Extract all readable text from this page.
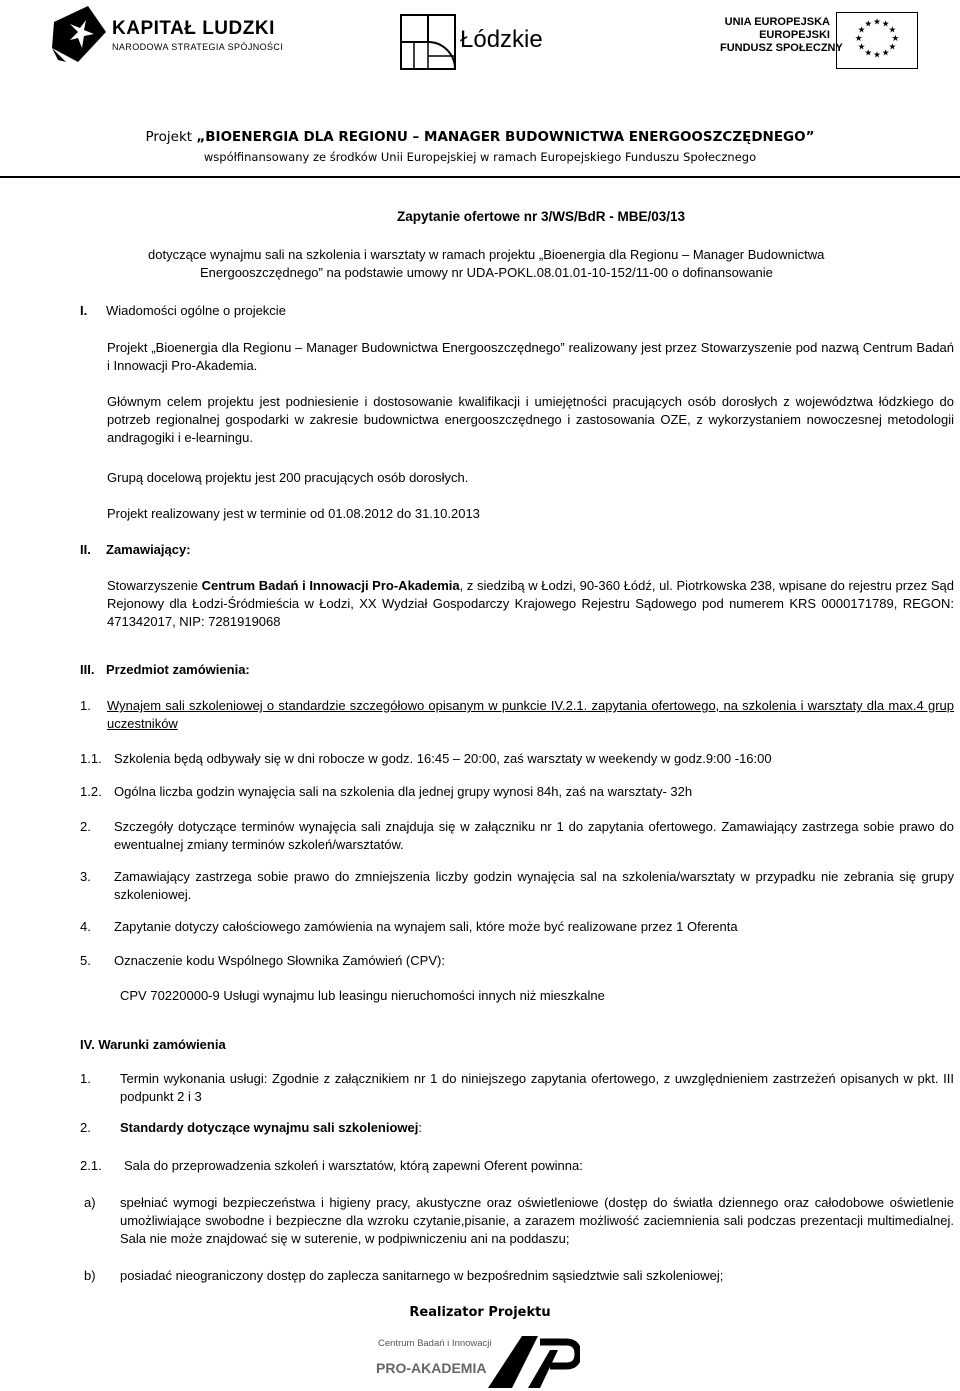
KAPITAŁ LUDZKI
NARODOWA STRATEGIA SPÓJNOŚCI	Łódzkie
UNIA EUROPEJSKA
EUROPEJSKI
FUNDUSZ SPOŁECZNY
★ ★
★
★
★
★
★
★
★
★
★
★
Projekt „BIOENERGIA DLA REGIONU – MANAGER BUDOWNICTWA ENERGOOSZCZĘDNEGO”
współfinansowany ze środków Unii Europejskiej w ramach Europejskiego Funduszu Społecznego
Zapytanie ofertowe nr 3/WS/BdR - MBE/03/13
dotyczące wynajmu sali na szkolenia i warsztaty w ramach projektu „Bioenergia dla Regionu – Manager Budownictwa
Energooszczędnego” na podstawie umowy nr UDA-POKL.08.01.01-10-152/11-00 o dofinansowanie
I. Wiadomości ogólne o projekcie
Projekt „Bioenergia dla Regionu – Manager Budownictwa Energooszczędnego” realizowany jest przez Stowarzyszenie pod nazwą Centrum Badań i Innowacji Pro-Akademia.
Głównym celem projektu jest podniesienie i dostosowanie kwalifikacji i umiejętności pracujących osób dorosłych z województwa łódzkiego do potrzeb regionalnej gospodarki w zakresie budownictwa energooszczędnego i zastosowania OZE, z wykorzystaniem nowoczesnej metodologii andragogiki i e-learningu.
Grupą docelową projektu jest 200 pracujących osób dorosłych.
Projekt realizowany jest w terminie od 01.08.2012 do 31.10.2013
II. Zamawiający:
Stowarzyszenie Centrum Badań i Innowacji Pro-Akademia, z siedzibą w Łodzi, 90-360 Łódź, ul. Piotrkowska 238, wpisane do rejestru przez Sąd Rejonowy dla Łodzi-Śródmieścia w Łodzi, XX Wydział Gospodarczy Krajowego Rejestru Sądowego pod numerem KRS 0000171789, REGON: 471342017, NIP: 7281919068
III. Przedmiot zamówienia:
1. Wynajem sali szkoleniowej o standardzie szczegółowo opisanym w punkcie IV.2.1. zapytania ofertowego, na szkolenia i warsztaty dla max.4 grup uczestników
1.1. Szkolenia będą odbywały się w dni robocze w godz. 16:45 – 20:00, zaś warsztaty w weekendy w godz.9:00 -16:00
1.2. Ogólna liczba godzin wynajęcia sali na szkolenia dla jednej grupy wynosi 84h, zaś na warsztaty- 32h
2. Szczegóły dotyczące terminów wynajęcia sali znajduja się w załączniku nr 1 do zapytania ofertowego. Zamawiający zastrzega sobie prawo do ewentualnej zmiany terminów szkoleń/warsztatów.
3. Zamawiający zastrzega sobie prawo do zmniejszenia liczby godzin wynajęcia sal na szkolenia/warsztaty w przypadku nie zebrania się grupy szkoleniowej.
4. Zapytanie dotyczy całościowego zamówienia na wynajem sali, które może być realizowane przez 1 Oferenta
5. Oznaczenie kodu Wspólnego Słownika Zamówień (CPV):
CPV 70220000-9 Usługi wynajmu lub leasingu nieruchomości innych niż mieszkalne
IV. Warunki zamówienia
1. Termin wykonania usługi: Zgodnie z załącznikiem nr 1 do niniejszego zapytania ofertowego, z uwzględnieniem zastrzeżeń opisanych w pkt. III podpunkt 2 i 3
2. Standardy dotyczące wynajmu sali szkoleniowej:
2.1. Sala do przeprowadzenia szkoleń i warsztatów, którą zapewni Oferent powinna:
a) spełniać wymogi bezpieczeństwa i higieny pracy, akustyczne oraz oświetleniowe (dostęp do światła dziennego oraz całodobowe oświetlenie umożliwiające swobodne i bezpieczne dla wzroku czytanie,pisanie, a zarazem możliwość zaciemnienia sali podczas prezentacji multimedialnej. Sala nie może znajdować się w suterenie, w podpiwniczeniu ani na poddaszu;
b) posiadać nieograniczony dostęp do zaplecza sanitarnego w bezpośrednim sąsiedztwie sali szkoleniowej;
Realizator Projektu
Centrum Badań i Innowacji
PRO-AKADEMIA
